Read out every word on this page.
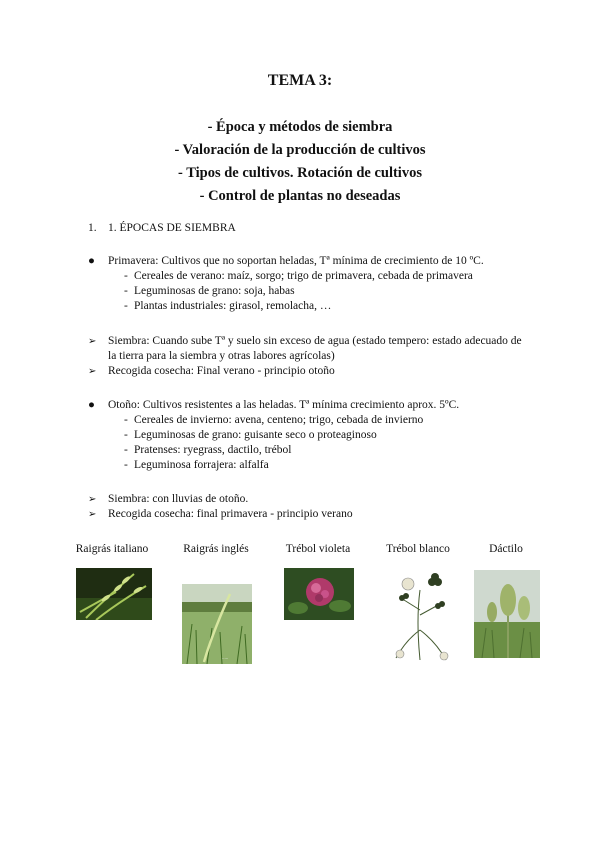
TEMA 3:
- Época y métodos de siembra
- Valoración de la producción de cultivos
- Tipos de cultivos. Rotación de cultivos
- Control de plantas no deseadas
1. 1. ÉPOCAS DE SIEMBRA
● Primavera: Cultivos que no soportan heladas, Tª mínima de crecimiento de 10 ºC.
- Cereales de verano: maíz, sorgo; trigo de primavera, cebada de primavera
- Leguminosas de grano: soja, habas
- Plantas industriales: girasol, remolacha, …
➢ Siembra: Cuando sube Tª y suelo sin exceso de agua (estado tempero: estado adecuado de la tierra para la siembra y otras labores agrícolas)
➢ Recogida cosecha: Final verano - principio otoño
● Otoño: Cultivos resistentes a las heladas. Tª mínima crecimiento aprox. 5ºC.
- Cereales de invierno: avena, centeno; trigo, cebada de invierno
- Leguminosas de grano: guisante seco o proteaginoso
- Pratenses: ryegrass, dactilo, trébol
- Leguminosa forrajera: alfalfa
➢ Siembra: con lluvias de otoño.
➢ Recogida cosecha: final primavera - principio verano
Raigrás italiano	Raigrás inglés	Trébol violeta	Trébol blanco	Dáctilo
·····
